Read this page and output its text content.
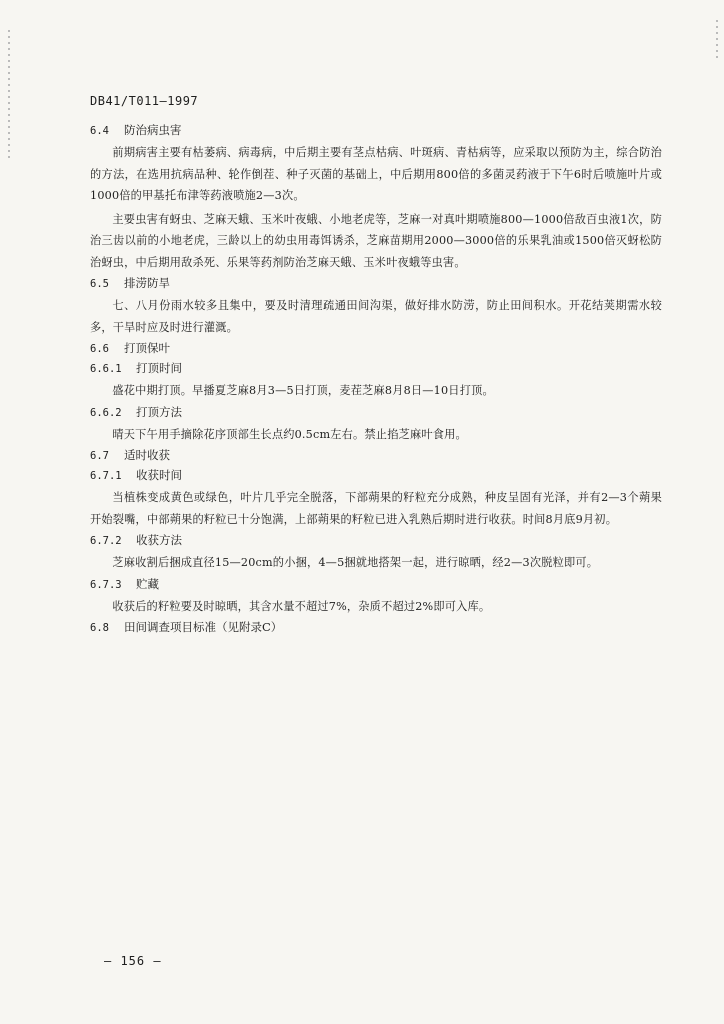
DB41/T011—1997
6.4 防治病虫害

前期病害主要有枯萎病、病毒病，中后期主要有茎点枯病、叶斑病、青枯病等，应采取以预防为主，综合防治的方法，在选用抗病品种、轮作倒茬、种子灭菌的基础上，中后期用800倍的多菌灵药液于下午6时后喷施叶片或1000倍的甲基托布津等药液喷施2—3次。

主要虫害有蚜虫、芝麻天蛾、玉米叶夜蛾、小地老虎等，芝麻一对真叶期喷施800—1000倍敌百虫液1次，防治三齿以前的小地老虎，三龄以上的幼虫用毒饵诱杀，芝麻苗期用2000—3000倍的乐果乳油或1500倍灭蚜松防治蚜虫，中后期用敌杀死、乐果等药剂防治芝麻天蛾、玉米叶夜蛾等虫害。

6.5 排涝防旱

七、八月份雨水较多且集中，要及时清理疏通田间沟渠，做好排水防涝，防止田间积水。开花结荚期需水较多，干旱时应及时进行灌溉。

6.6 打顶保叶
6.6.1 打顶时间

盛花中期打顶。早播夏芝麻8月3—5日打顶，麦茬芝麻8月8日—10日打顶。

6.6.2 打顶方法

晴天下午用手摘除花序顶部生长点约0.5cm左右。禁止掐芝麻叶食用。

6.7 适时收获
6.7.1 收获时间

当植株变成黄色或绿色，叶片几乎完全脱落，下部蒴果的籽粒充分成熟，种皮呈固有光泽，并有2—3个蒴果开始裂嘴，中部蒴果的籽粒已十分饱满，上部蒴果的籽粒已进入乳熟后期时进行收获。时间8月底9月初。

6.7.2 收获方法

芝麻收割后捆成直径15—20cm的小捆，4—5捆就地搭架一起，进行晾晒，经2—3次脱粒即可。

6.7.3 贮藏

收获后的籽粒要及时晾晒，其含水量不超过7%，杂质不超过2%即可入库。

6.8 田间调查项目标准（见附录C）
— 156 —
